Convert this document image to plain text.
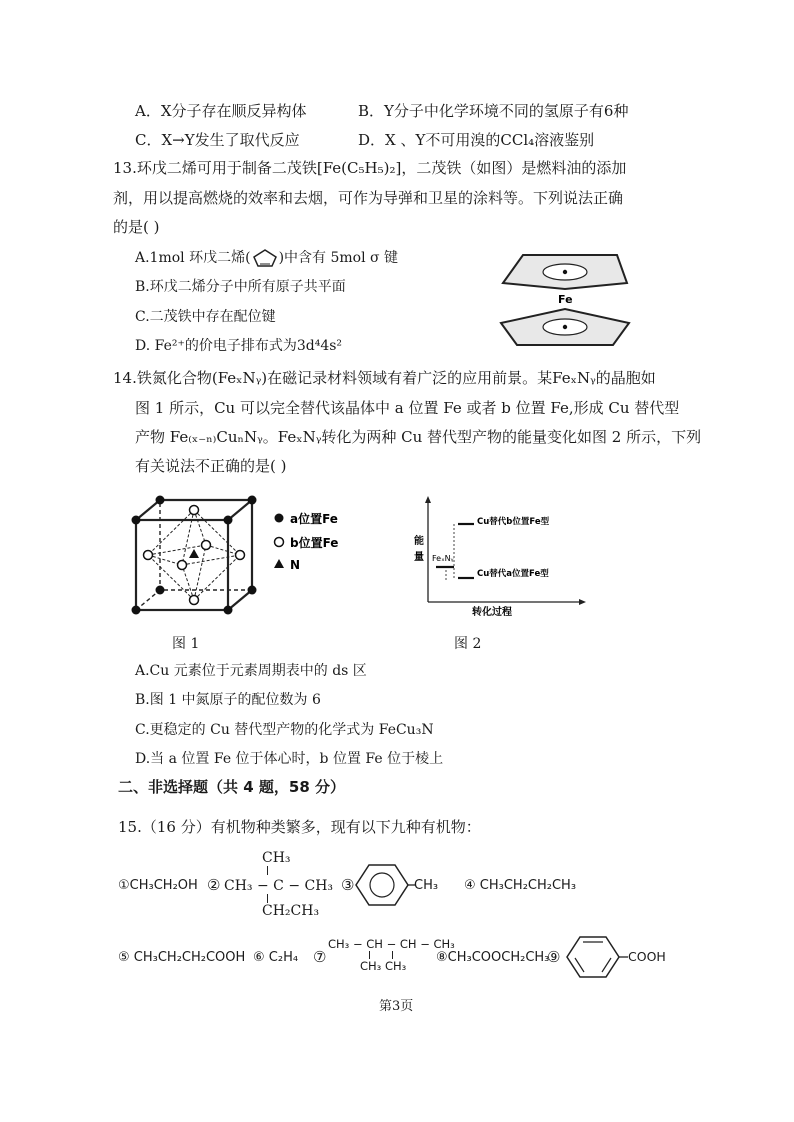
A．X分子存在顺反异构体	B．Y分子中化学环境不同的氢原子有6种
C．X→Y发生了取代反应	D．X 、Y不可用溴的CCl₄溶液鉴别
13.环戊二烯可用于制备二茂铁[Fe(C₅H₅)₂]，二茂铁（如图）是燃料油的添加
剂，用以提高燃烧的效率和去烟，可作为导弹和卫星的涂料等。下列说法正确
的是( )
A.1mol 环戊二烯( )中含有 5mol σ 键
B.环戊二烯分子中所有原子共平面
C.二茂铁中存在配位键
D. Fe²⁺的价电子排布式为3d⁴4s²
Fe
14.铁氮化合物(FeₓNᵧ)在磁记录材料领域有着广泛的应用前景。某FeₓNᵧ的晶胞如
图 1 所示，Cu 可以完全替代该晶体中 a 位置 Fe 或者 b 位置 Fe,形成 Cu 替代型
产物 Fe₍ₓ₋ₙ₎CuₙNᵧ。FeₓNᵧ转化为两种 Cu 替代型产物的能量变化如图 2 所示，下列
有关说法不正确的是( )
a位置Fe
b位置Fe
N
能
量
转化过程
FeₓNᵧ
Cu替代b位置Fe型
Cu替代a位置Fe型
图 1	图 2
A.Cu 元素位于元素周期表中的 ds 区
B.图 1 中氮原子的配位数为 6
C.更稳定的 Cu 替代型产物的化学式为 FeCu₃N
D.当 a 位置 Fe 位于体心时，b 位置 Fe 位于棱上
二、非选择题（共 4 题，58 分）
15.（16 分）有机物种类繁多，现有以下九种有机物：
①CH₃CH₂OH ②
CH₃
CH₃ − C − CH₃
CH₂CH₃
③	CH₃ ④ CH₃CH₂CH₂CH₃
⑤ CH₃CH₂CH₂COOH ⑥ C₂H₄ ⑦
CH₃ − CH − CH − CH₃
CH₃ CH₃
⑧CH₃COOCH₂CH₃
⑨	COOH
第3页
